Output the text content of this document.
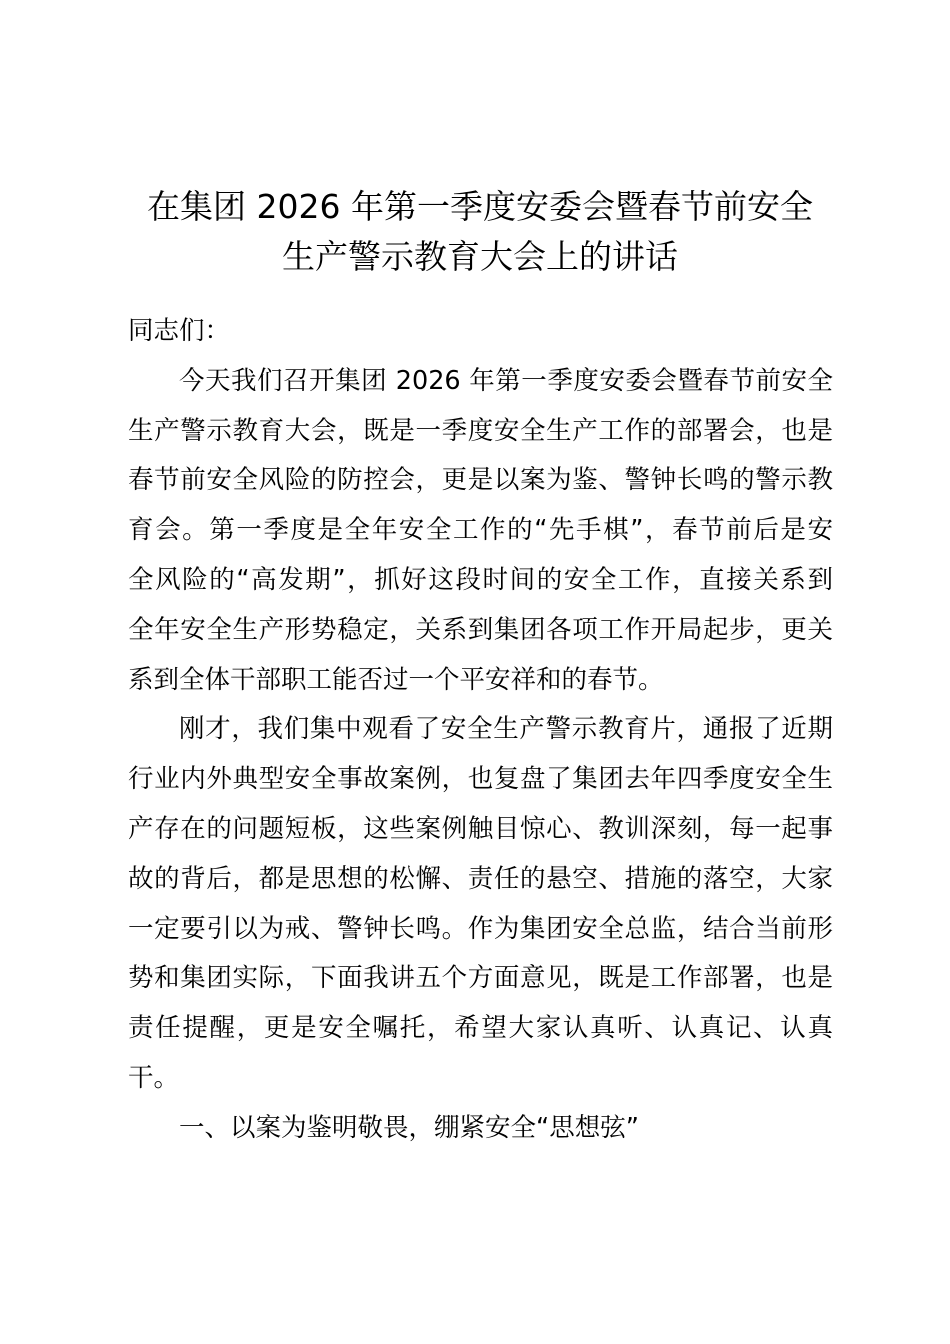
在集团 2026 年第一季度安委会暨春节前安全
生产警示教育大会上的讲话
同志们：
今天我们召开集团 2026 年第一季度安委会暨春节前安全
生产警示教育大会，既是一季度安全生产工作的部署会，也是
春节前安全风险的防控会，更是以案为鉴、警钟长鸣的警示教
育会。第一季度是全年安全工作的“先手棋”，春节前后是安
全风险的“高发期”，抓好这段时间的安全工作，直接关系到
全年安全生产形势稳定，关系到集团各项工作开局起步，更关
系到全体干部职工能否过一个平安祥和的春节。
刚才，我们集中观看了安全生产警示教育片，通报了近期
行业内外典型安全事故案例，也复盘了集团去年四季度安全生
产存在的问题短板，这些案例触目惊心、教训深刻，每一起事
故的背后，都是思想的松懈、责任的悬空、措施的落空，大家
一定要引以为戒、警钟长鸣。作为集团安全总监，结合当前形
势和集团实际，下面我讲五个方面意见，既是工作部署，也是
责任提醒，更是安全嘱托，希望大家认真听、认真记、认真
干。
一、以案为鉴明敬畏，绷紧安全“思想弦”
